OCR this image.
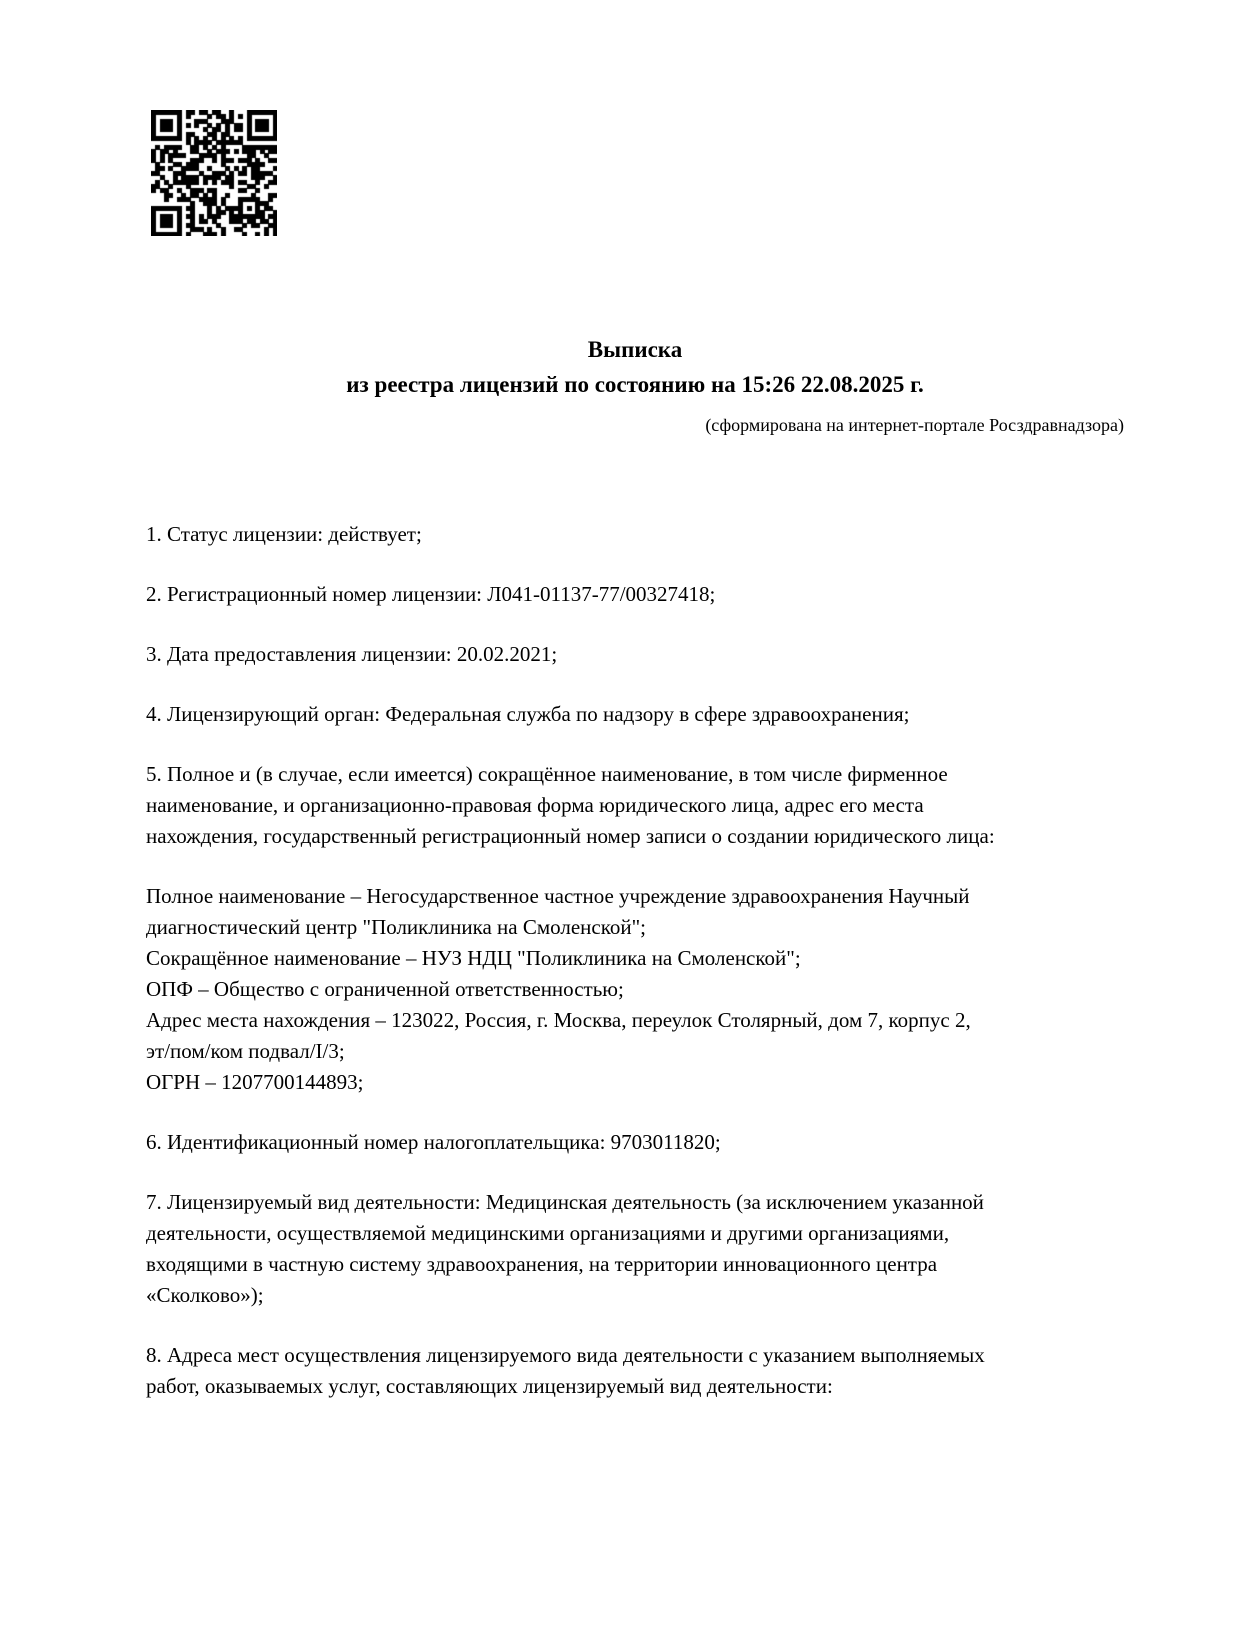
Выписка
из реестра лицензий по состоянию на 15:26 22.08.2025 г.
(сформирована на интернет-портале Росздравнадзора)
1. Статус лицензии: действует;
2. Регистрационный номер лицензии: Л041-01137-77/00327418;
3. Дата предоставления лицензии: 20.02.2021;
4. Лицензирующий орган: Федеральная служба по надзору в сфере здравоохранения;
5. Полное и (в случае, если имеется) сокращённое наименование, в том числе фирменное
наименование, и организационно-правовая форма юридического лица, адрес его места
нахождения, государственный регистрационный номер записи о создании юридического лица:
Полное наименование – Негосударственное частное учреждение здравоохранения Научный
диагностический центр "Поликлиника на Смоленской";
Сокращённое наименование – НУЗ НДЦ "Поликлиника на Смоленской";
ОПФ – Общество с ограниченной ответственностью;
Адрес места нахождения – 123022, Россия, г. Москва, переулок Столярный, дом 7, корпус 2,
эт/пом/ком подвал/I/3;
ОГРН – 1207700144893;
6. Идентификационный номер налогоплательщика: 9703011820;
7. Лицензируемый вид деятельности: Медицинская деятельность (за исключением указанной
деятельности, осуществляемой медицинскими организациями и другими организациями,
входящими в частную систему здравоохранения, на территории инновационного центра
«Сколково»);
8. Адреса мест осуществления лицензируемого вида деятельности с указанием выполняемых
работ, оказываемых услуг, составляющих лицензируемый вид деятельности:
